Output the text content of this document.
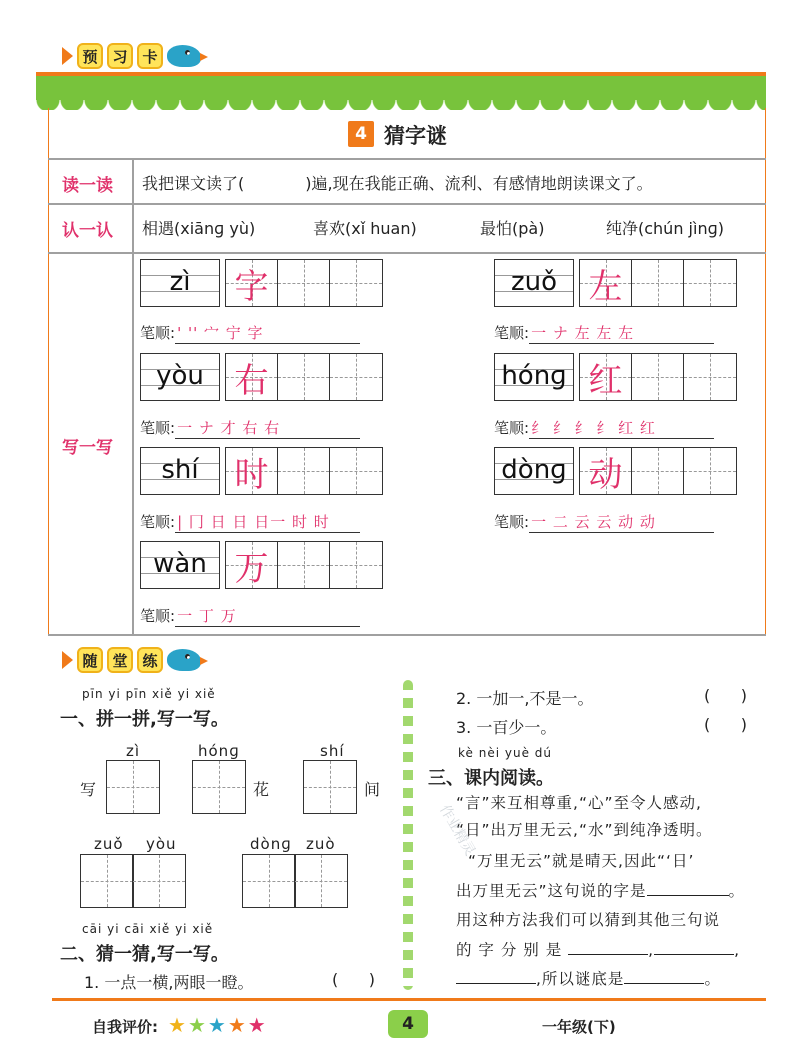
预 习 卡
4 猜字谜
读一读 我把课文读了(	)遍,现在我能正确、流利、有感情地朗读课文了。
认一认 相遇(xiānɡ yù)	喜欢(xǐ huan)	最怕(pà)	纯净(chún jìnɡ)
写一写
zì	字
笔顺: ' '' 宀 宁 字
zuǒ 左
笔顺: 一 ナ 左 左 左
yòu 右
笔顺: 一 ナ 才 右 右
hónɡ 红
笔顺: 纟 纟 纟 纟 红 红
shí	时
笔顺: | 冂 日 日 日一 时 时
dònɡ 动
笔顺: 一 二 云 云 动 动
wàn 万
笔顺: 一 丁 万
随 堂 练
pīn yi pīn xiě yi xiě
一、拼一拼,写一写。
zì	hónɡ	shí
写	花	间
zuǒ yòu	dònɡ zuò
cāi yi cāi xiě yi xiě
二、猜一猜,写一写。
1. 一点一横,两眼一瞪。	(      )
2. 一加一,不是一。	(      )
3. 一百少一。	(      )
kè nèi yuè dú
三、课内阅读。
“言”来互相尊重,“心”至令人感动,
“日”出万里无云,“水”到纯净透明。
“万里无云”就是晴天,因此“‘日’
出万里无云”这句说的字是	。
用这种方法我们可以猜到其他三句说
的 字 分 别 是	,	,
,所以谜底是	。
作业精灵
自我评价: ★ ★ ★ ★ ★	4	一年级(下)
